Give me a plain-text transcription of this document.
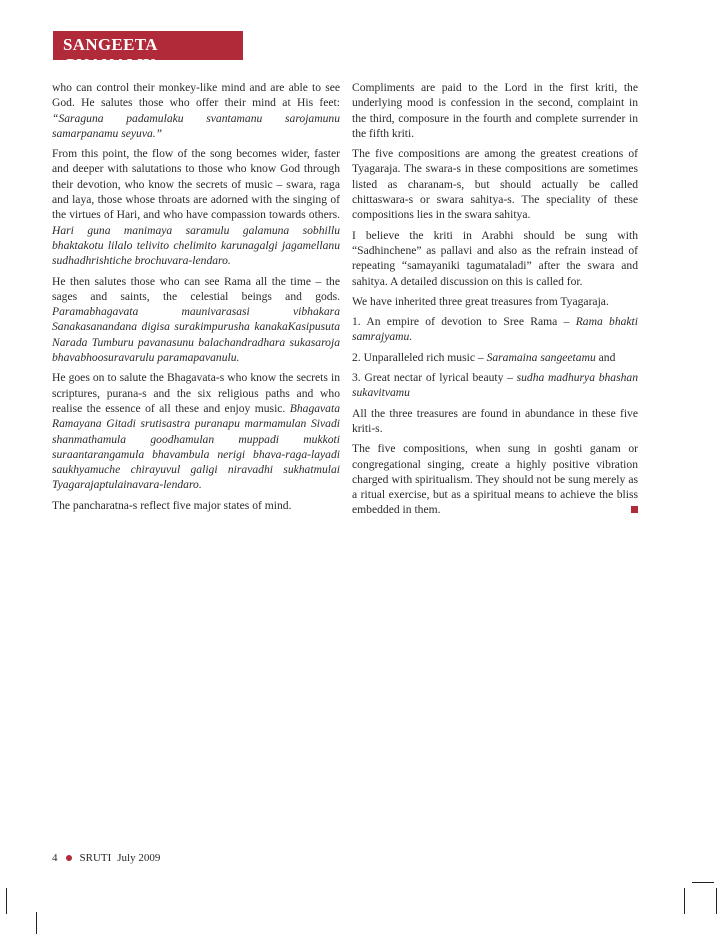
SANGEETA GNANAMU

who can control their monkey-like mind and are able to see God. He salutes those who offer their mind at His feet: “Saraguna padamulaku svantamanu sarojamunu samarpanamu seyuva.”

From this point, the flow of the song becomes wider, faster and deeper with salutations to those who know God through their devotion, who know the secrets of music – swara, raga and laya, those whose throats are adorned with the singing of the virtues of Hari, and who have compassion towards others. Hari guna manimaya saramulu galamuna sobhillu bhaktakotu lilalo telivito chelimito karunagalgi jagamellanu sudhadhrishtiche brochuvara-lendaro.

He then salutes those who can see Rama all the time – the sages and saints, the celestial beings and gods. Paramabhagavata maunivarasasi vibhakara Sanakasanandana digisa surakimpurusha kanakaKasipusuta Narada Tumburu pavanasunu balachandradhara sukasaroja bhavabhoosuravarulu paramapavanulu.

He goes on to salute the Bhagavata-s who know the secrets in scriptures, purana-s and the six religious paths and who realise the essence of all these and enjoy music. Bhagavata Ramayana Gitadi srutisastra puranapu marmamulan Sivadi shanmathamula goodhamulan muppadi mukkoti suraantarangamula bhavambula nerigi bhava-raga-layadi saukhyamuche chirayuvul galigi niravadhi sukhatmulai Tyagarajaptulainavara-lendaro.

The pancharatna-s reflect five major states of mind.

Compliments are paid to the Lord in the first kriti, the underlying mood is confession in the second, complaint in the third, composure in the fourth and complete surrender in the fifth kriti.

The five compositions are among the greatest creations of Tyagaraja. The swara-s in these compositions are sometimes listed as charanam-s, but should actually be called chittaswara-s or swara sahitya-s. The speciality of these compositions lies in the swara sahitya.

I believe the kriti in Arabhi should be sung with “Sadhinchene” as pallavi and also as the refrain instead of repeating “samayaniki tagumataladi” after the swara and sahitya. A detailed discussion on this is called for.

We have inherited three great treasures from Tyagaraja.

1. An empire of devotion to Sree Rama – Rama bhakti samrajyamu.

2. Unparalleled rich music – Saramaina sangeetamu and

3. Great nectar of lyrical beauty – sudha madhurya bhashan sukavitvamu

All the three treasures are found in abundance in these five kriti-s.

The five compositions, when sung in goshti ganam or congregational singing, create a highly positive vibration charged with spiritualism. They should not be sung merely as a ritual exercise, but as a spiritual means to achieve the bliss embedded in them.

4 SRUTI July 2009
